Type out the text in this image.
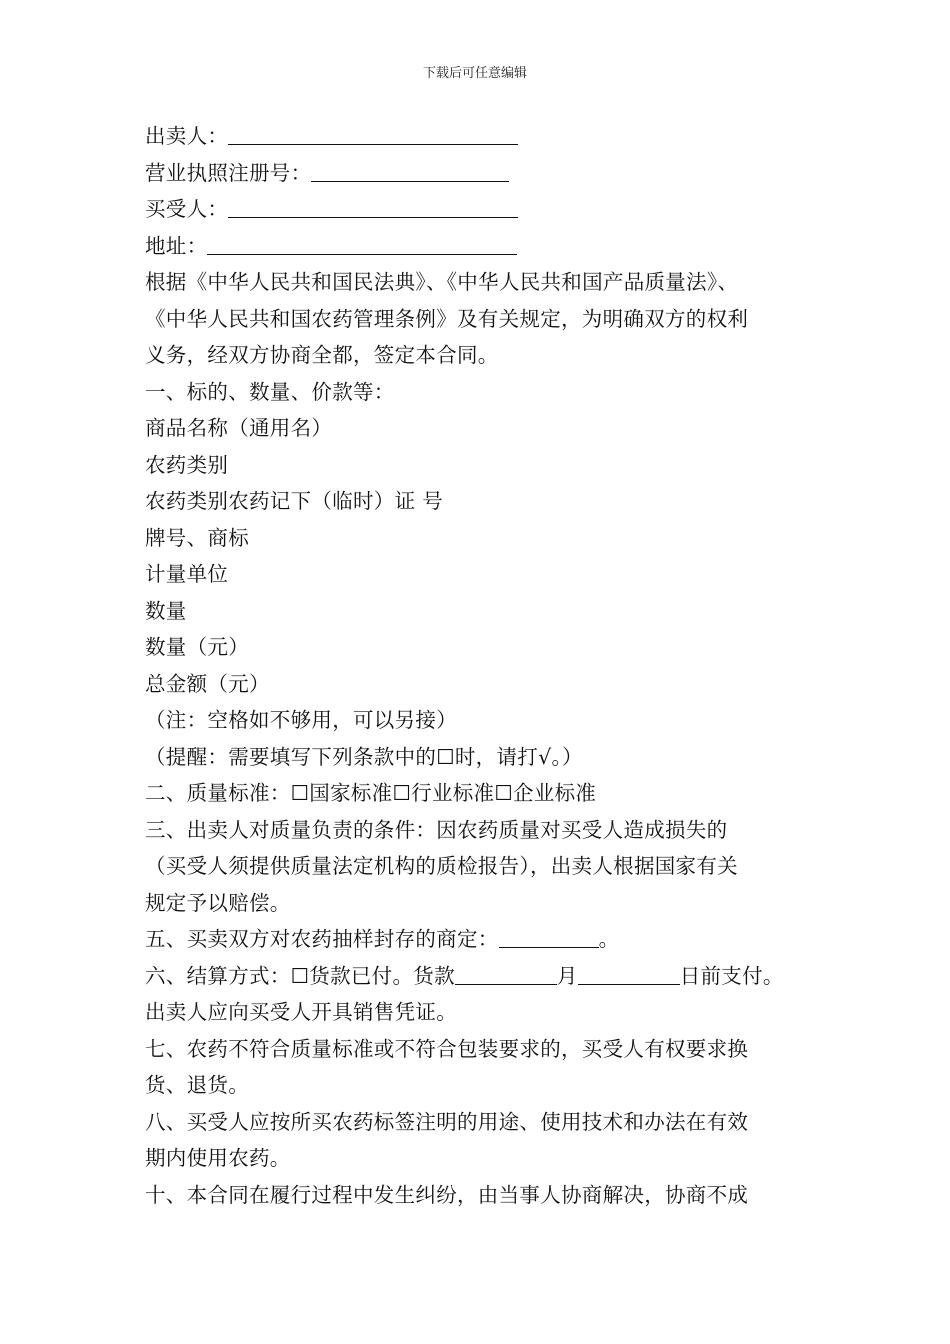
下载后可任意编辑
出卖人：
营业执照注册号：
买受人：
地址：
根据《中华人民共和国民法典》、《中华人民共和国产品质量法》、
《中华人民共和国农药管理条例》及有关规定，为明确双方的权利
义务，经双方协商全都，签定本合同。
一、标的、数量、价款等：
商品名称（通用名）
农药类别
农药类别农药记下（临时）证 号
牌号、商标
计量单位
数量
数量（元）
总金额（元）
（注：空格如不够用，可以另接）
（提醒：需要填写下列条款中的☐时，请打√。）
二、质量标准：☐国家标准☐行业标准☐企业标准
三、出卖人对质量负责的条件：因农药质量对买受人造成损失的
（买受人须提供质量法定机构的质检报告），出卖人根据国家有关
规定予以赔偿。
五、买卖双方对农药抽样封存的商定：	。
六、结算方式：☐货款已付。货款	月	日前支付。
出卖人应向买受人开具销售凭证。
七、农药不符合质量标准或不符合包装要求的，买受人有权要求换
货、退货。
八、买受人应按所买农药标签注明的用途、使用技术和办法在有效
期内使用农药。
十、本合同在履行过程中发生纠纷，由当事人协商解决，协商不成
